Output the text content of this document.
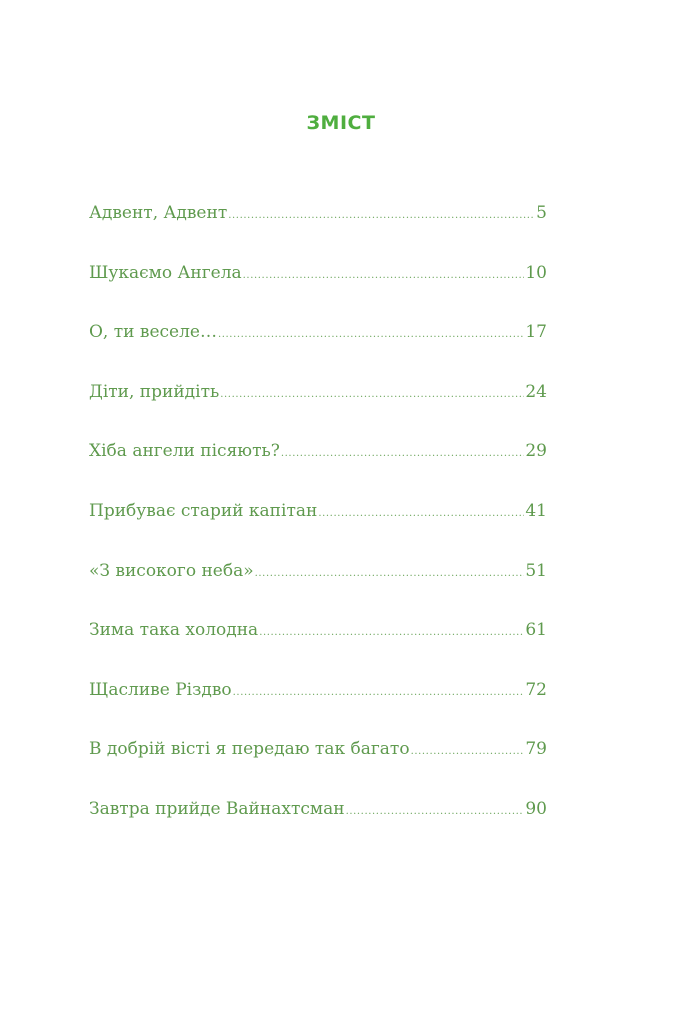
ЗМІСТ
Адвент, Адвент .....	5
Шукаємо Ангела .....	10
О, ти веселе… .....	17
Діти, прийдіть .....	24
Хіба ангели пісяють? .....	29
Прибуває старий капітан .....	41
«З високого неба» .....	51
Зима така холодна .....	61
Щасливе Різдво .....	72
В добрій вісті я передаю так багато .....	79
Завтра прийде Вайнахтсман .....	90
